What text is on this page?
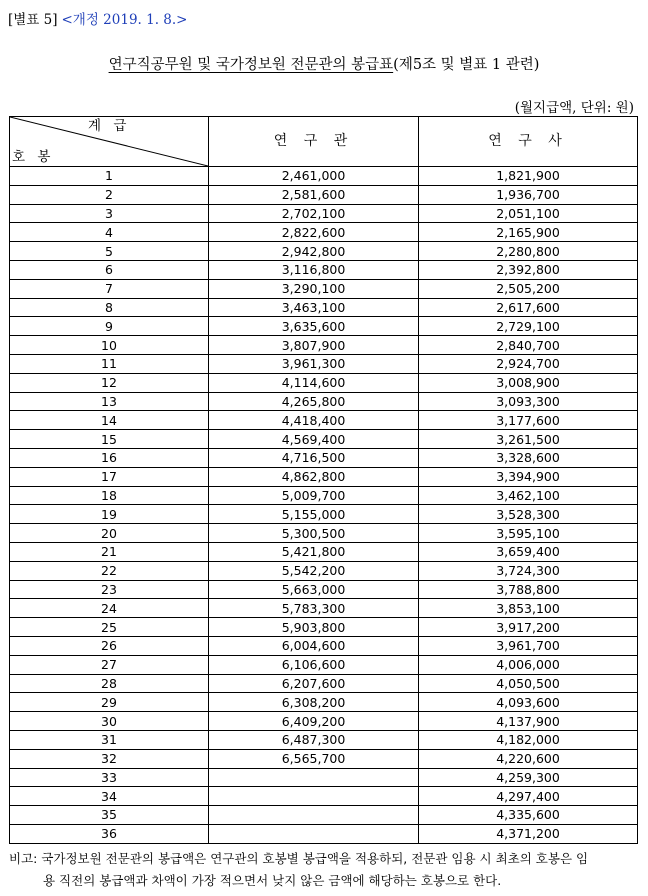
[별표 5] <개정 2019. 1. 8.>
연구직공무원 및 국가정보원 전문관의 봉급표(제5조 및 별표 1 관련)
(월지급액, 단위: 원)
계 급
호 봉	연 구 관	연 구 사
1	2,461,000	1,821,900
2	2,581,600	1,936,700
3	2,702,100	2,051,100
4	2,822,600	2,165,900
5	2,942,800	2,280,800
6	3,116,800	2,392,800
7	3,290,100	2,505,200
8	3,463,100	2,617,600
9	3,635,600	2,729,100
10	3,807,900	2,840,700
11	3,961,300	2,924,700
12	4,114,600	3,008,900
13	4,265,800	3,093,300
14	4,418,400	3,177,600
15	4,569,400	3,261,500
16	4,716,500	3,328,600
17	4,862,800	3,394,900
18	5,009,700	3,462,100
19	5,155,000	3,528,300
20	5,300,500	3,595,100
21	5,421,800	3,659,400
22	5,542,200	3,724,300
23	5,663,000	3,788,800
24	5,783,300	3,853,100
25	5,903,800	3,917,200
26	6,004,600	3,961,700
27	6,106,600	4,006,000
28	6,207,600	4,050,500
29	6,308,200	4,093,600
30	6,409,200	4,137,900
31	6,487,300	4,182,000
32	6,565,700	4,220,600
33		4,259,300
34		4,297,400
35		4,335,600
36		4,371,200
비고: 국가정보원 전문관의 봉급액은 연구관의 호봉별 봉급액을 적용하되, 전문관 임용 시 최초의 호봉은 임
용 직전의 봉급액과 차액이 가장 적으면서 낮지 않은 금액에 해당하는 호봉으로 한다.
